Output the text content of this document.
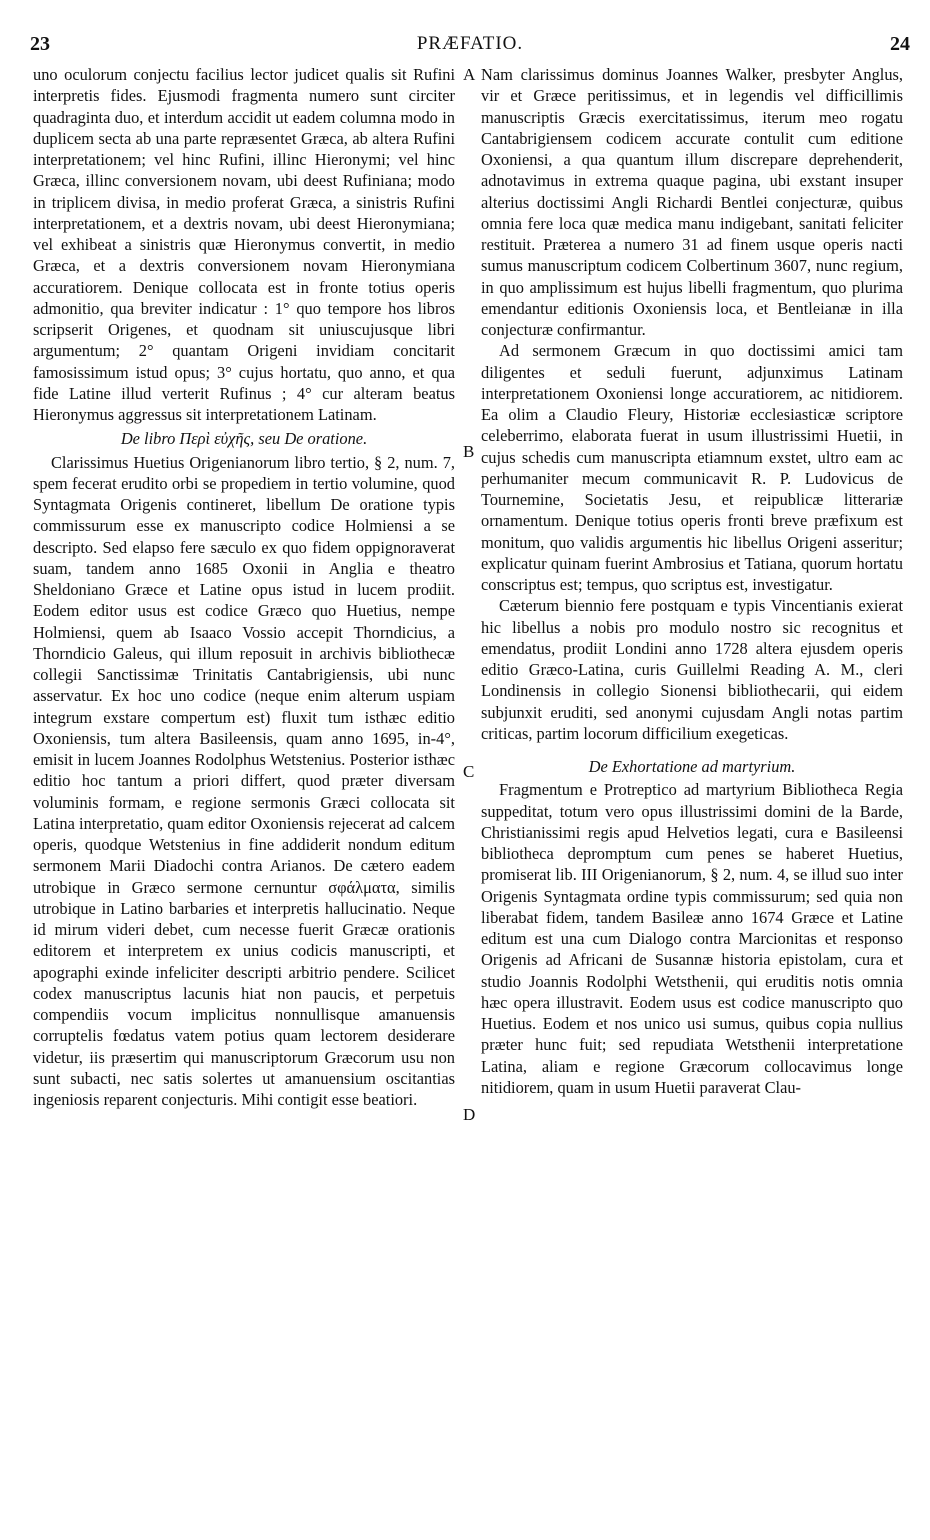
23	PRÆFATIO.	24

uno oculorum conjectu facilius lector judicet qualis sit Rufini interpretis fides. Ejusmodi fragmenta numero sunt circiter quadraginta duo, et interdum accidit ut eadem columna modo in duplicem secta ab una parte repræsentet Græca, ab altera Rufini interpretationem; vel hinc Rufini, illinc Hieronymi; vel hinc Græca, illinc conversionem novam, ubi deest Rufiniana; modo in triplicem divisa, in medio proferat Græca, a sinistris Rufini interpretationem, et a dextris novam, ubi deest Hieronymiana; vel exhibeat a sinistris quæ Hieronymus convertit, in medio Græca, et a dextris conversionem novam Hieronymiana accuratiorem. Denique collocata est in fronte totius operis admonitio, qua breviter indicatur : 1° quo tempore hos libros scripserit Origenes, et quodnam sit uniuscujusque libri argumentum; 2° quantam Origeni invidiam concitarit famosissimum istud opus; 3° cujus hortatu, quo anno, et qua fide Latine illud verterit Rufinus ; 4° cur alteram beatus Hieronymus aggressus sit interpretationem Latinam.

De libro Περὶ εὐχῆς, seu De oratione.

Clarissimus Huetius Origenianorum libro tertio, § 2, num. 7, spem fecerat erudito orbi se propediem in tertio volumine, quod Syntagmata Origenis contineret, libellum De oratione typis commissurum esse ex manuscripto codice Holmiensi a se descripto. Sed elapso fere sæculo ex quo fidem oppignoraverat suam, tandem anno 1685 Oxonii in Anglia e theatro Sheldoniano Græce et Latine opus istud in lucem prodiit. Eodem editor usus est codice Græco quo Huetius, nempe Holmiensi, quem ab Isaaco Vossio accepit Thorndicius, a Thorndicio Galeus, qui illum reposuit in archivis bibliothecæ collegii Sanctissimæ Trinitatis Cantabrigiensis, ubi nunc asservatur. Ex hoc uno codice (neque enim alterum uspiam integrum exstare compertum est) fluxit tum isthæc editio Oxoniensis, tum altera Basileensis, quam anno 1695, in-4°, emisit in lucem Joannes Rodolphus Wetstenius. Posterior isthæc editio hoc tantum a priori differt, quod præter diversam voluminis formam, e regione sermonis Græci collocata sit Latina interpretatio, quam editor Oxoniensis rejecerat ad calcem operis, quodque Wetstenius in fine addiderit nondum editum sermonem Marii Diadochi contra Arianos. De cætero eadem utrobique in Græco sermone cernuntur σφάλματα, similis utrobique in Latino barbaries et interpretis hallucinatio. Neque id mirum videri debet, cum necesse fuerit Græcæ orationis editorem et interpretem ex unius codicis manuscripti, et apographi exinde infeliciter descripti arbitrio pendere. Scilicet codex manuscriptus lacunis hiat non paucis, et perpetuis compendiis vocum implicitus nonnullisque amanuensis corruptelis fœdatus vatem potius quam lectorem desiderare videtur, iis præsertim qui manuscriptorum Græcorum usu non sunt subacti, nec satis solertes ut amanuensium oscitantias ingeniosis reparent conjecturis. Mihi contigit esse beatiori.

Nam clarissimus dominus Joannes Walker, presbyter Anglus, vir et Græce peritissimus, et in legendis vel difficillimis manuscriptis Græcis exercitatissimus, iterum meo rogatu Cantabrigiensem codicem accurate contulit cum editione Oxoniensi, a qua quantum illum discrepare deprehenderit, adnotavimus in extrema quaque pagina, ubi exstant insuper alterius doctissimi Angli Richardi Bentlei conjecturæ, quibus omnia fere loca quæ medica manu indigebant, sanitati feliciter restituit. Præterea a numero 31 ad finem usque operis nacti sumus manuscriptum codicem Colbertinum 3607, nunc regium, in quo amplissimum est hujus libelli fragmentum, quo plurima emendantur editionis Oxoniensis loca, et Bentleianæ in illa conjecturæ confirmantur.

Ad sermonem Græcum in quo doctissimi amici tam diligentes et seduli fuerunt, adjunximus Latinam interpretationem Oxoniensi longe accuratiorem, ac nitidiorem. Ea olim a Claudio Fleury, Historiæ ecclesiasticæ scriptore celeberrimo, elaborata fuerat in usum illustrissimi Huetii, in cujus schedis cum manuscripta etiamnum exstet, ultro eam ac perhumaniter mecum communicavit R. P. Ludovicus de Tournemine, Societatis Jesu, et reipublicæ litterariæ ornamentum. Denique totius operis fronti breve præfixum est monitum, quo validis argumentis hic libellus Origeni asseritur; explicatur quinam fuerint Ambrosius et Tatiana, quorum hortatu conscriptus est; tempus, quo scriptus est, investigatur.

Cæterum biennio fere postquam e typis Vincentianis exierat hic libellus a nobis pro modulo nostro sic recognitus et emendatus, prodiit Londini anno 1728 altera ejusdem operis editio Græco-Latina, curis Guillelmi Reading A. M., cleri Londinensis in collegio Sionensi bibliothecarii, qui eidem subjunxit eruditi, sed anonymi cujusdam Angli notas partim criticas, partim locorum difficilium exegeticas.

De Exhortatione ad martyrium.

Fragmentum e Protreptico ad martyrium Bibliotheca Regia suppeditat, totum vero opus illustrissimi domini de la Barde, Christianissimi regis apud Helvetios legati, cura e Basileensi bibliotheca depromptum cum penes se haberet Huetius, promiserat lib. III Origenianorum, § 2, num. 4, se illud suo inter Origenis Syntagmata ordine typis commissurum; sed quia non liberabat fidem, tandem Basileæ anno 1674 Græce et Latine editum est una cum Dialogo contra Marcionitas et responso Origenis ad Africani de Susannæ historia epistolam, cura et studio Joannis Rodolphi Wetsthenii, qui eruditis notis omnia hæc opera illustravit. Eodem usus est codice manuscripto quo Huetius. Eodem et nos unico usi sumus, quibus copia nullius præter hunc fuit; sed repudiata Wetsthenii interpretatione Latina, aliam e regione Græcorum collocavimus longe nitidiorem, quam in usum Huetii paraverat Clau-

A
B
C
D
